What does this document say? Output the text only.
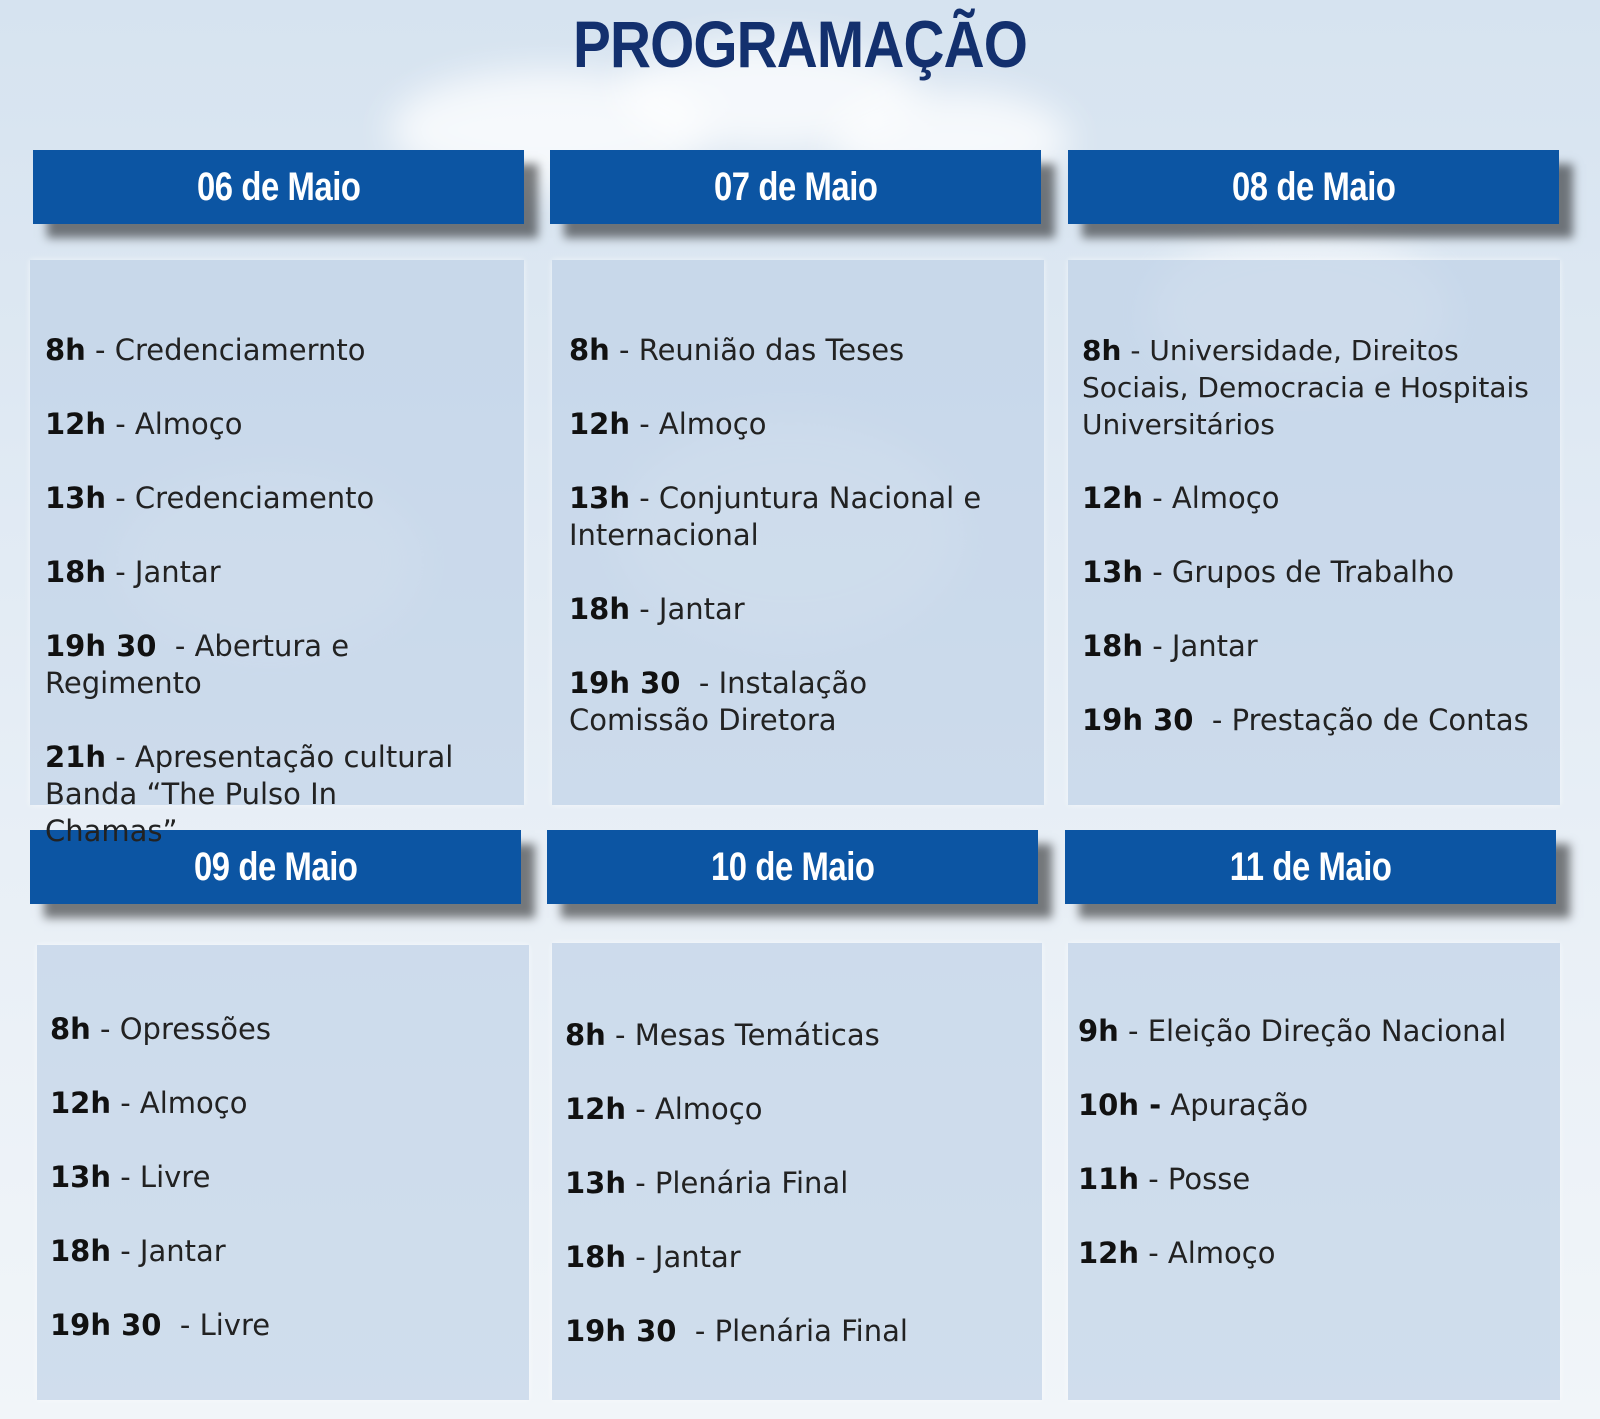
PROGRAMAÇÃO
06 de Maio	07 de Maio	08 de Maio
09 de Maio	10 de Maio	11 de Maio
8h - Credenciamernto
12h - Almoço
13h - Credenciamento
18h - Jantar
19h 30  - Abertura e Regimento
21h - Apresentação cultural Banda “The Pulso In Chamas”
8h - Reunião das Teses
12h - Almoço
13h - Conjuntura Nacional e Internacional
18h - Jantar
19h 30  - Instalação Comissão Diretora
8h - Universidade, Direitos Sociais, Democracia e Hospitais Universitários
12h - Almoço
13h - Grupos de Trabalho
18h - Jantar
19h 30  - Prestação de Contas
8h - Opressões
12h - Almoço
13h - Livre
18h - Jantar
19h 30  - Livre
8h - Mesas Temáticas
12h - Almoço
13h - Plenária Final
18h - Jantar
19h 30  - Plenária Final
9h - Eleição Direção Nacional
10h - Apuração
11h - Posse
12h - Almoço
